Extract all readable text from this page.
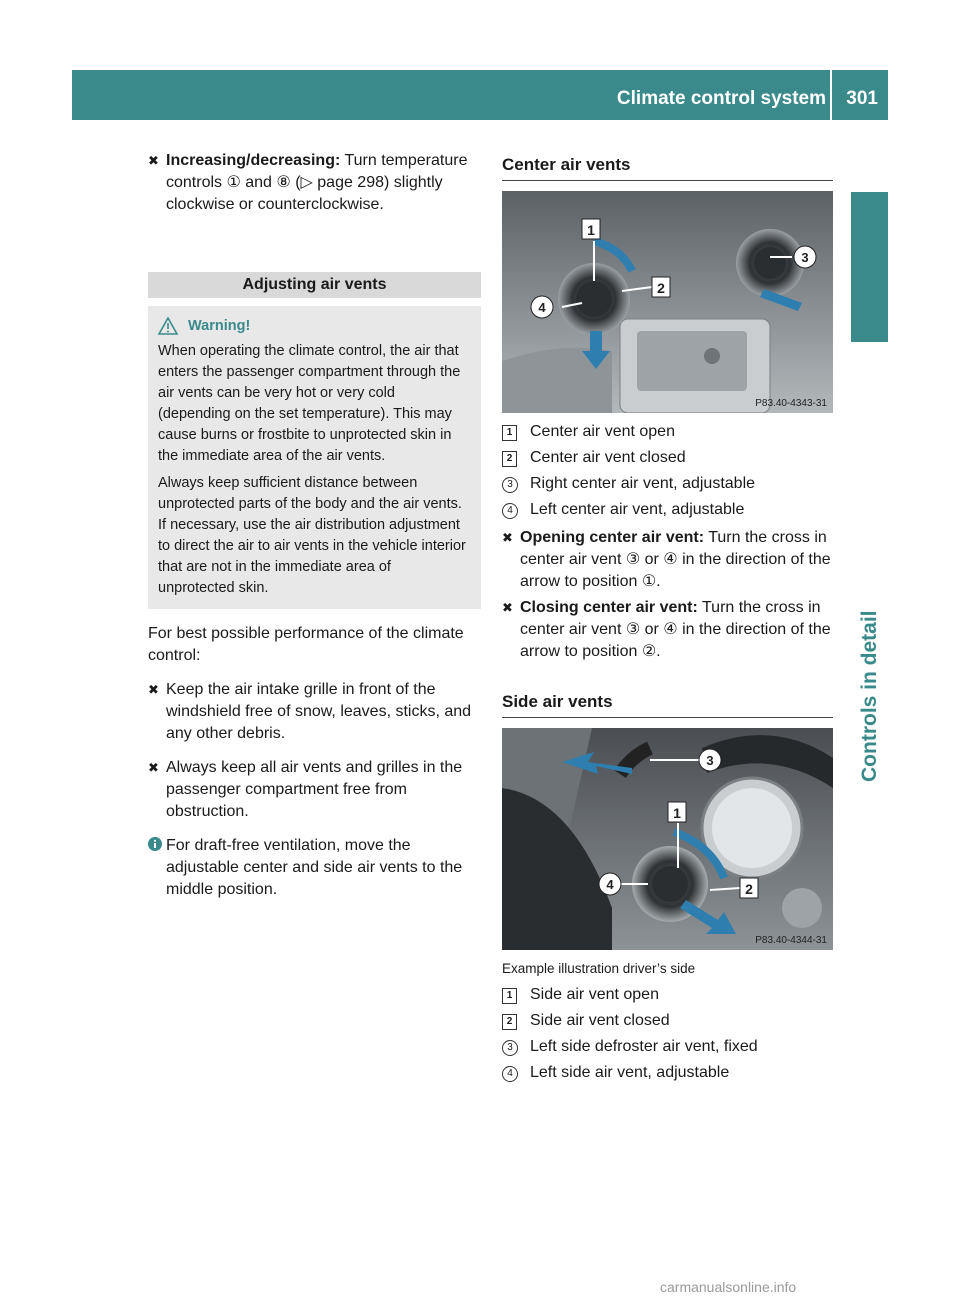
Climate control system 301
Controls in detail
✖ Increasing/decreasing: Turn temperature controls ① and ⑧ (▷ page 298) slightly clockwise or counterclockwise.
Adjusting air vents
Warning!

When operating the climate control, the air that enters the passenger compartment through the air vents can be very hot or very cold (depending on the set temperature). This may cause burns or frostbite to unprotected skin in the immediate area of the air vents.

Always keep sufficient distance between unprotected parts of the body and the air vents. If necessary, use the air distribution adjustment to direct the air to air vents in the vehicle interior that are not in the immediate area of unprotected skin.

For best possible performance of the climate control:
✖ Keep the air intake grille in front of the windshield free of snow, leaves, sticks, and any other debris.
✖ Always keep all air vents and grilles in the passenger compartment free from obstruction.
For draft-free ventilation, move the adjustable center and side air vents to the middle position.
Center air vents
1
2
3
4
P83.40-4343-31
1 Center air vent open
2 Center air vent closed
3	Right center air vent, adjustable
4	Left center air vent, adjustable
✖ Opening center air vent: Turn the cross in center air vent ③ or ④ in the direction of the arrow to position ①.
✖ Closing center air vent: Turn the cross in center air vent ③ or ④ in the direction of the arrow to position ②.
Side air vents
1
2
3
4
P83.40-4344-31
Example illustration driver’s side
1 Side air vent open
2 Side air vent closed
3	Left side defroster air vent, fixed
4	Left side air vent, adjustable
carmanualsonline.info
